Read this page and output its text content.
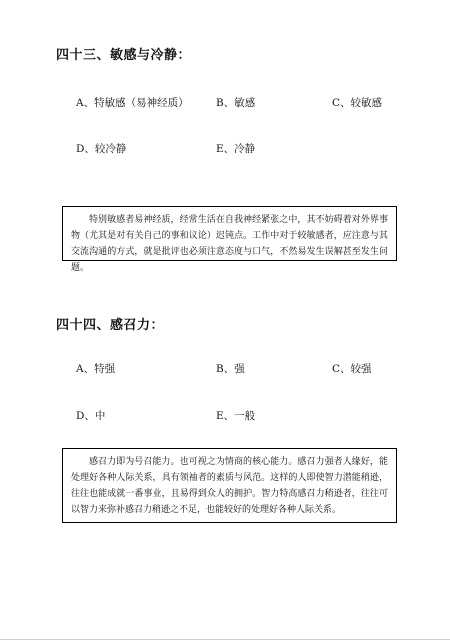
四十三、敏感与冷静：
A、特敏感（易神经质）	B、敏感	C、较敏感
D、较冷静	E、冷静
特别敏感者易神经质，经常生活在自我神经紧张之中，其不妨碍着对外界事物（尤其是对有关自己的事和议论）迟钝点。工作中对于较敏感者，应注意与其交流沟通的方式，就是批评也必须注意态度与口气，不然易发生误解甚至发生问题。
四十四、感召力：
A、特强	B、强	C、较强
D、中	E、一般
感召力即为号召能力。也可视之为情商的核心能力。感召力强者人缘好，能处理好各种人际关系，具有领袖者的素质与风范。这样的人即使智力潜能稍逊，往往也能成就一番事业，且易得到众人的拥护。智力特高感召力稍逊者，往往可以智力来弥补感召力稍逊之不足，也能较好的处理好各种人际关系。
